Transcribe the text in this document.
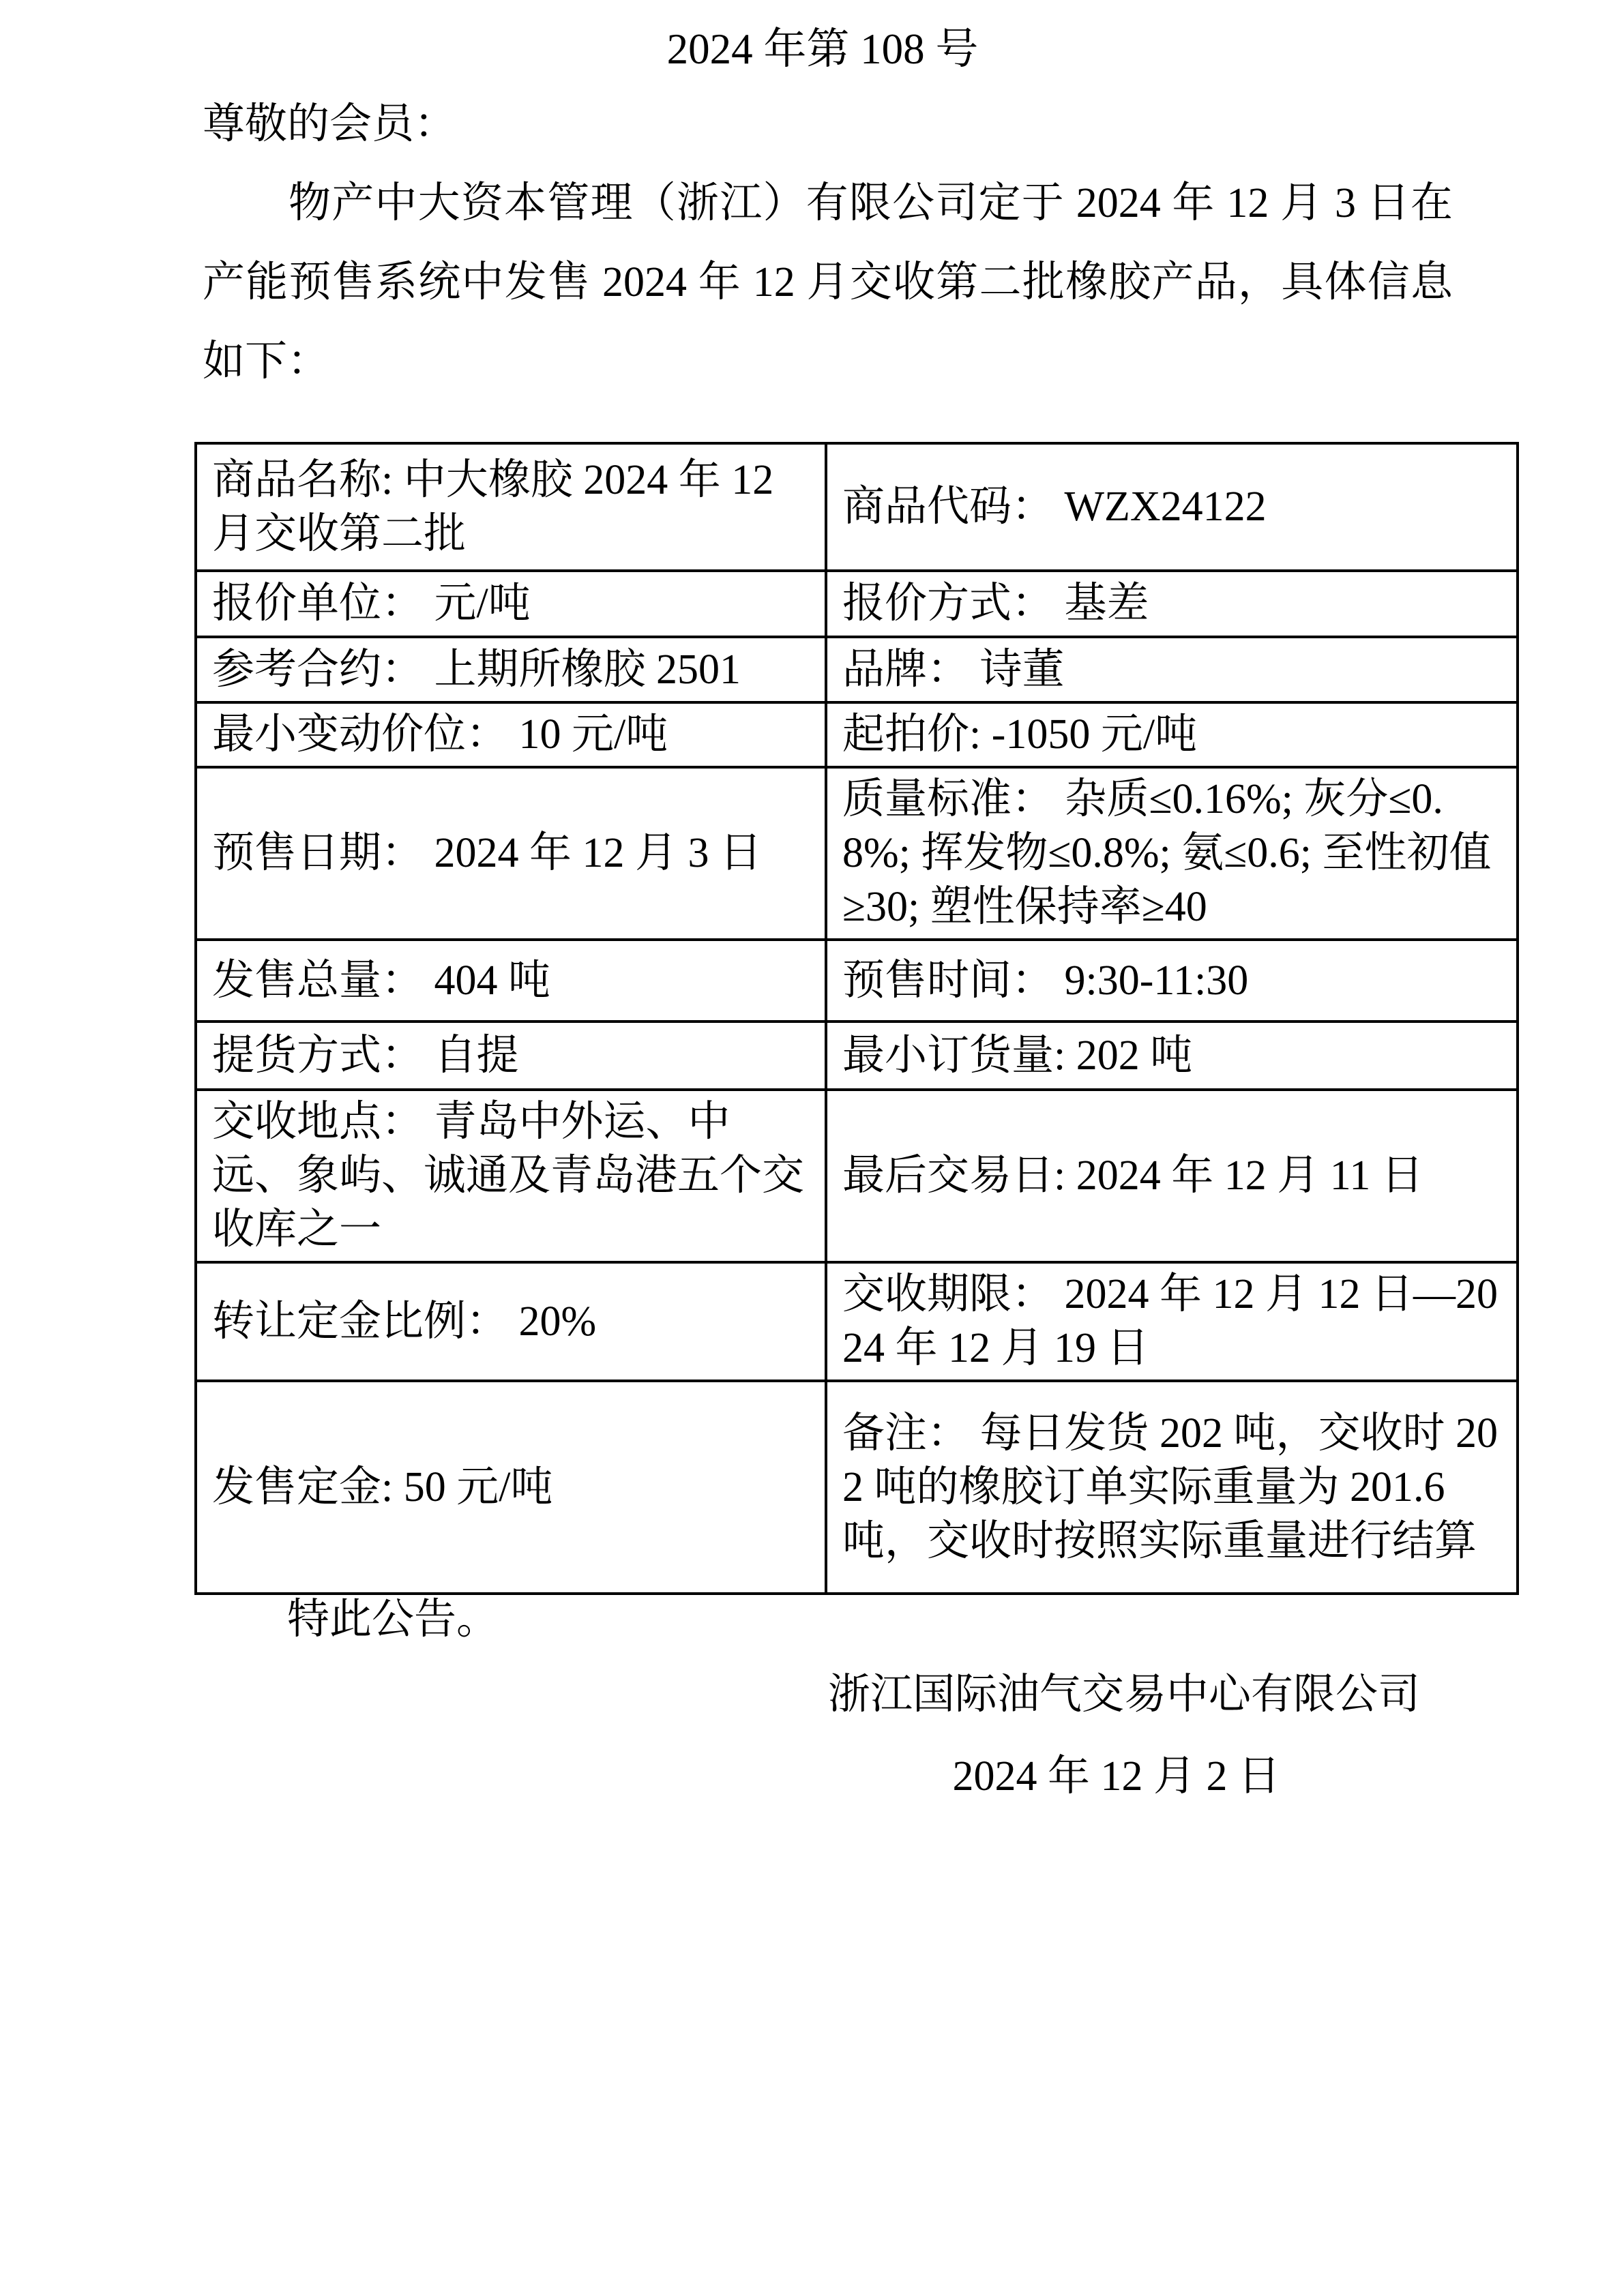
2024 年第 108 号
尊敬的会员：

物产中大资本管理（浙江）有限公司定于 2024 年 12 月 3 日在产能预售系统中发售 2024 年 12 月交收第二批橡胶产品，具体信息如下：

商品名称: 中大橡胶 2024 年 12 月交收第二批	商品代码： WZX24122
报价单位： 元/吨	报价方式： 基差
参考合约： 上期所橡胶 2501	品牌： 诗董
最小变动价位： 10 元/吨	起拍价: -1050 元/吨
预售日期： 2024 年 12 月 3 日	质量标准： 杂质≤0.16%; 灰分≤0.8%; 挥发物≤0.8%; 氨≤0.6; 至性初值≥30; 塑性保持率≥40
发售总量： 404 吨	预售时间： 9:30-11:30
提货方式： 自提	最小订货量: 202 吨
交收地点： 青岛中外运、中远、象屿、诚通及青岛港五个交收库之一	最后交易日: 2024 年 12 月 11 日
转让定金比例： 20%	交收期限： 2024 年 12 月 12 日—2024 年 12 月 19 日
发售定金: 50 元/吨	备注： 每日发货 202 吨，交收时 202 吨的橡胶订单实际重量为 201.6 吨，交收时按照实际重量进行结算
特此公告。
浙江国际油气交易中心有限公司
2024 年 12 月 2 日
